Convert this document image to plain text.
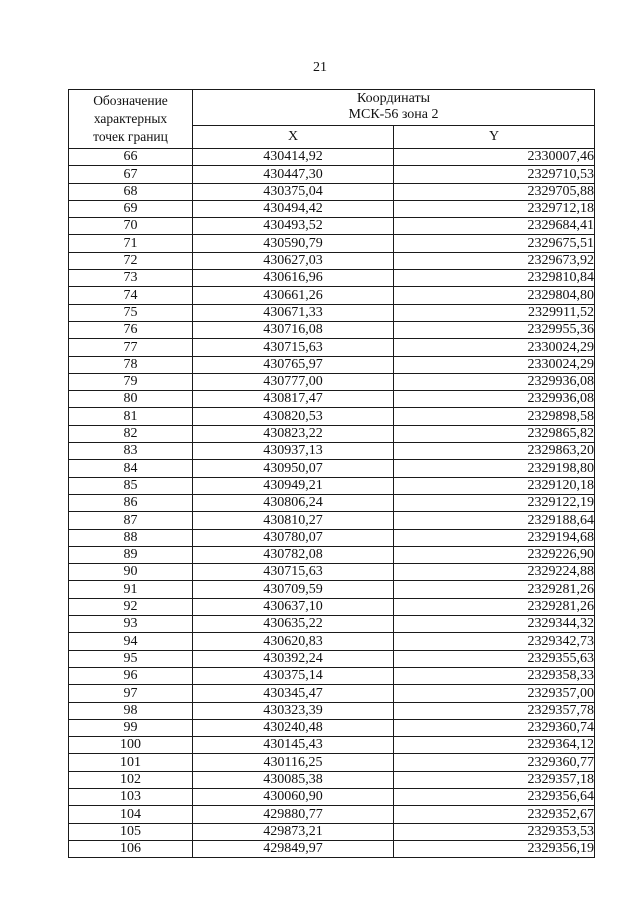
21
Обозначение
характерных
точек границ	Координаты
МСК-56 зона 2	

	X	Y
66	430414,92	2330007,46
67	430447,30	2329710,53
68	430375,04	2329705,88
69	430494,42	2329712,18
70	430493,52	2329684,41
71	430590,79	2329675,51
72	430627,03	2329673,92
73	430616,96	2329810,84
74	430661,26	2329804,80
75	430671,33	2329911,52
76	430716,08	2329955,36
77	430715,63	2330024,29
78	430765,97	2330024,29
79	430777,00	2329936,08
80	430817,47	2329936,08
81	430820,53	2329898,58
82	430823,22	2329865,82
83	430937,13	2329863,20
84	430950,07	2329198,80
85	430949,21	2329120,18
86	430806,24	2329122,19
87	430810,27	2329188,64
88	430780,07	2329194,68
89	430782,08	2329226,90
90	430715,63	2329224,88
91	430709,59	2329281,26
92	430637,10	2329281,26
93	430635,22	2329344,32
94	430620,83	2329342,73
95	430392,24	2329355,63
96	430375,14	2329358,33
97	430345,47	2329357,00
98	430323,39	2329357,78
99	430240,48	2329360,74
100	430145,43	2329364,12
101	430116,25	2329360,77
102	430085,38	2329357,18
103	430060,90	2329356,64
104	429880,77	2329352,67
105	429873,21	2329353,53
106	429849,97	2329356,19
